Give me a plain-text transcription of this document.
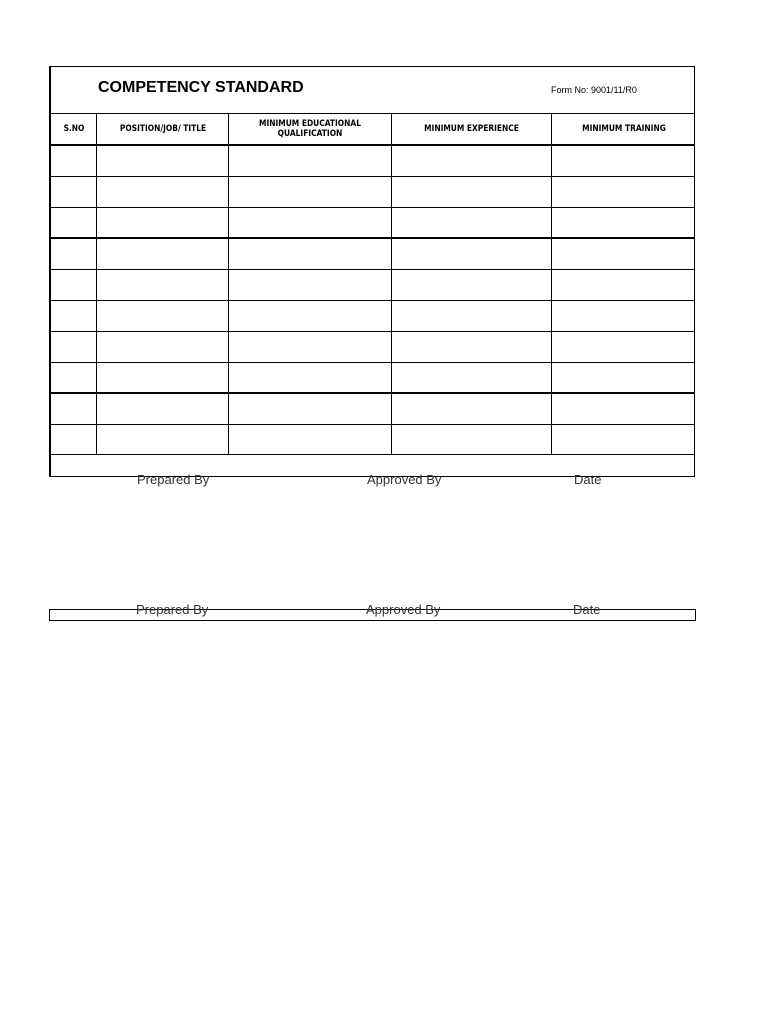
COMPETENCY STANDARD	Form No: 9001/11/R0
S.NO	POSITION/JOB/ TITLE	MINIMUM EDUCATIONAL QUALIFICATION	MINIMUM EXPERIENCE	MINIMUM TRAINING
Prepared By	Approved By	Date
Prepared By	Approved By	Date
